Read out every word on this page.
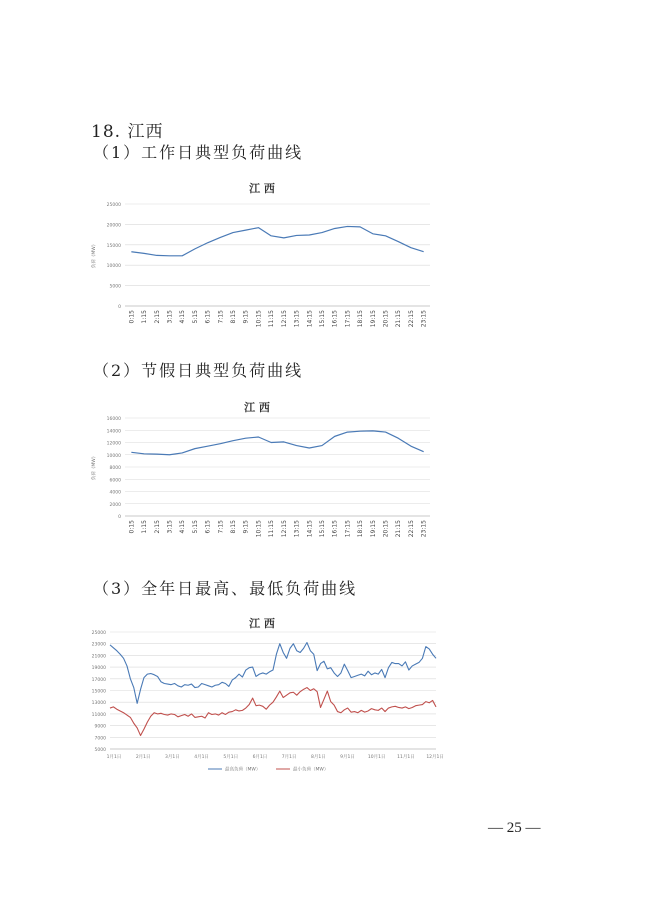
18. 江西
（1）工作日典型负荷曲线
（2）节假日典型负荷曲线
（3）全年日最高、最低负荷曲线
江 西
0
5000
10000
15000
20000
25000
负荷（MW）
0:15 1:15 2:15 3:15 4:15 5:15 6:15 7:15 8:15 9:15 10:15 11:15 12:15 13:15 14:15 15:15 16:15 17:15 18:15 19:15 20:15 21:15 22:15 23:15
江 西
0
2000
4000
6000
8000
10000
12000
14000
16000
负荷（MW）
0:15 1:15 2:15 3:15 4:15 5:15 6:15 7:15 8:15 9:15 10:15 11:15 12:15 13:15 14:15 15:15 16:15 17:15 18:15 19:15 20:15 21:15 22:15 23:15
江 西
5000
7000
9000
11000
13000
15000
17000
19000
21000
23000
25000
1月1日	2月1日	3月1日	4月1日	5月1日	6月1日	7月1日	8月1日	9月1日	10月1日	11月1日	12月1日
最高负荷（MW）	最小负荷（MW）
— 25 —
